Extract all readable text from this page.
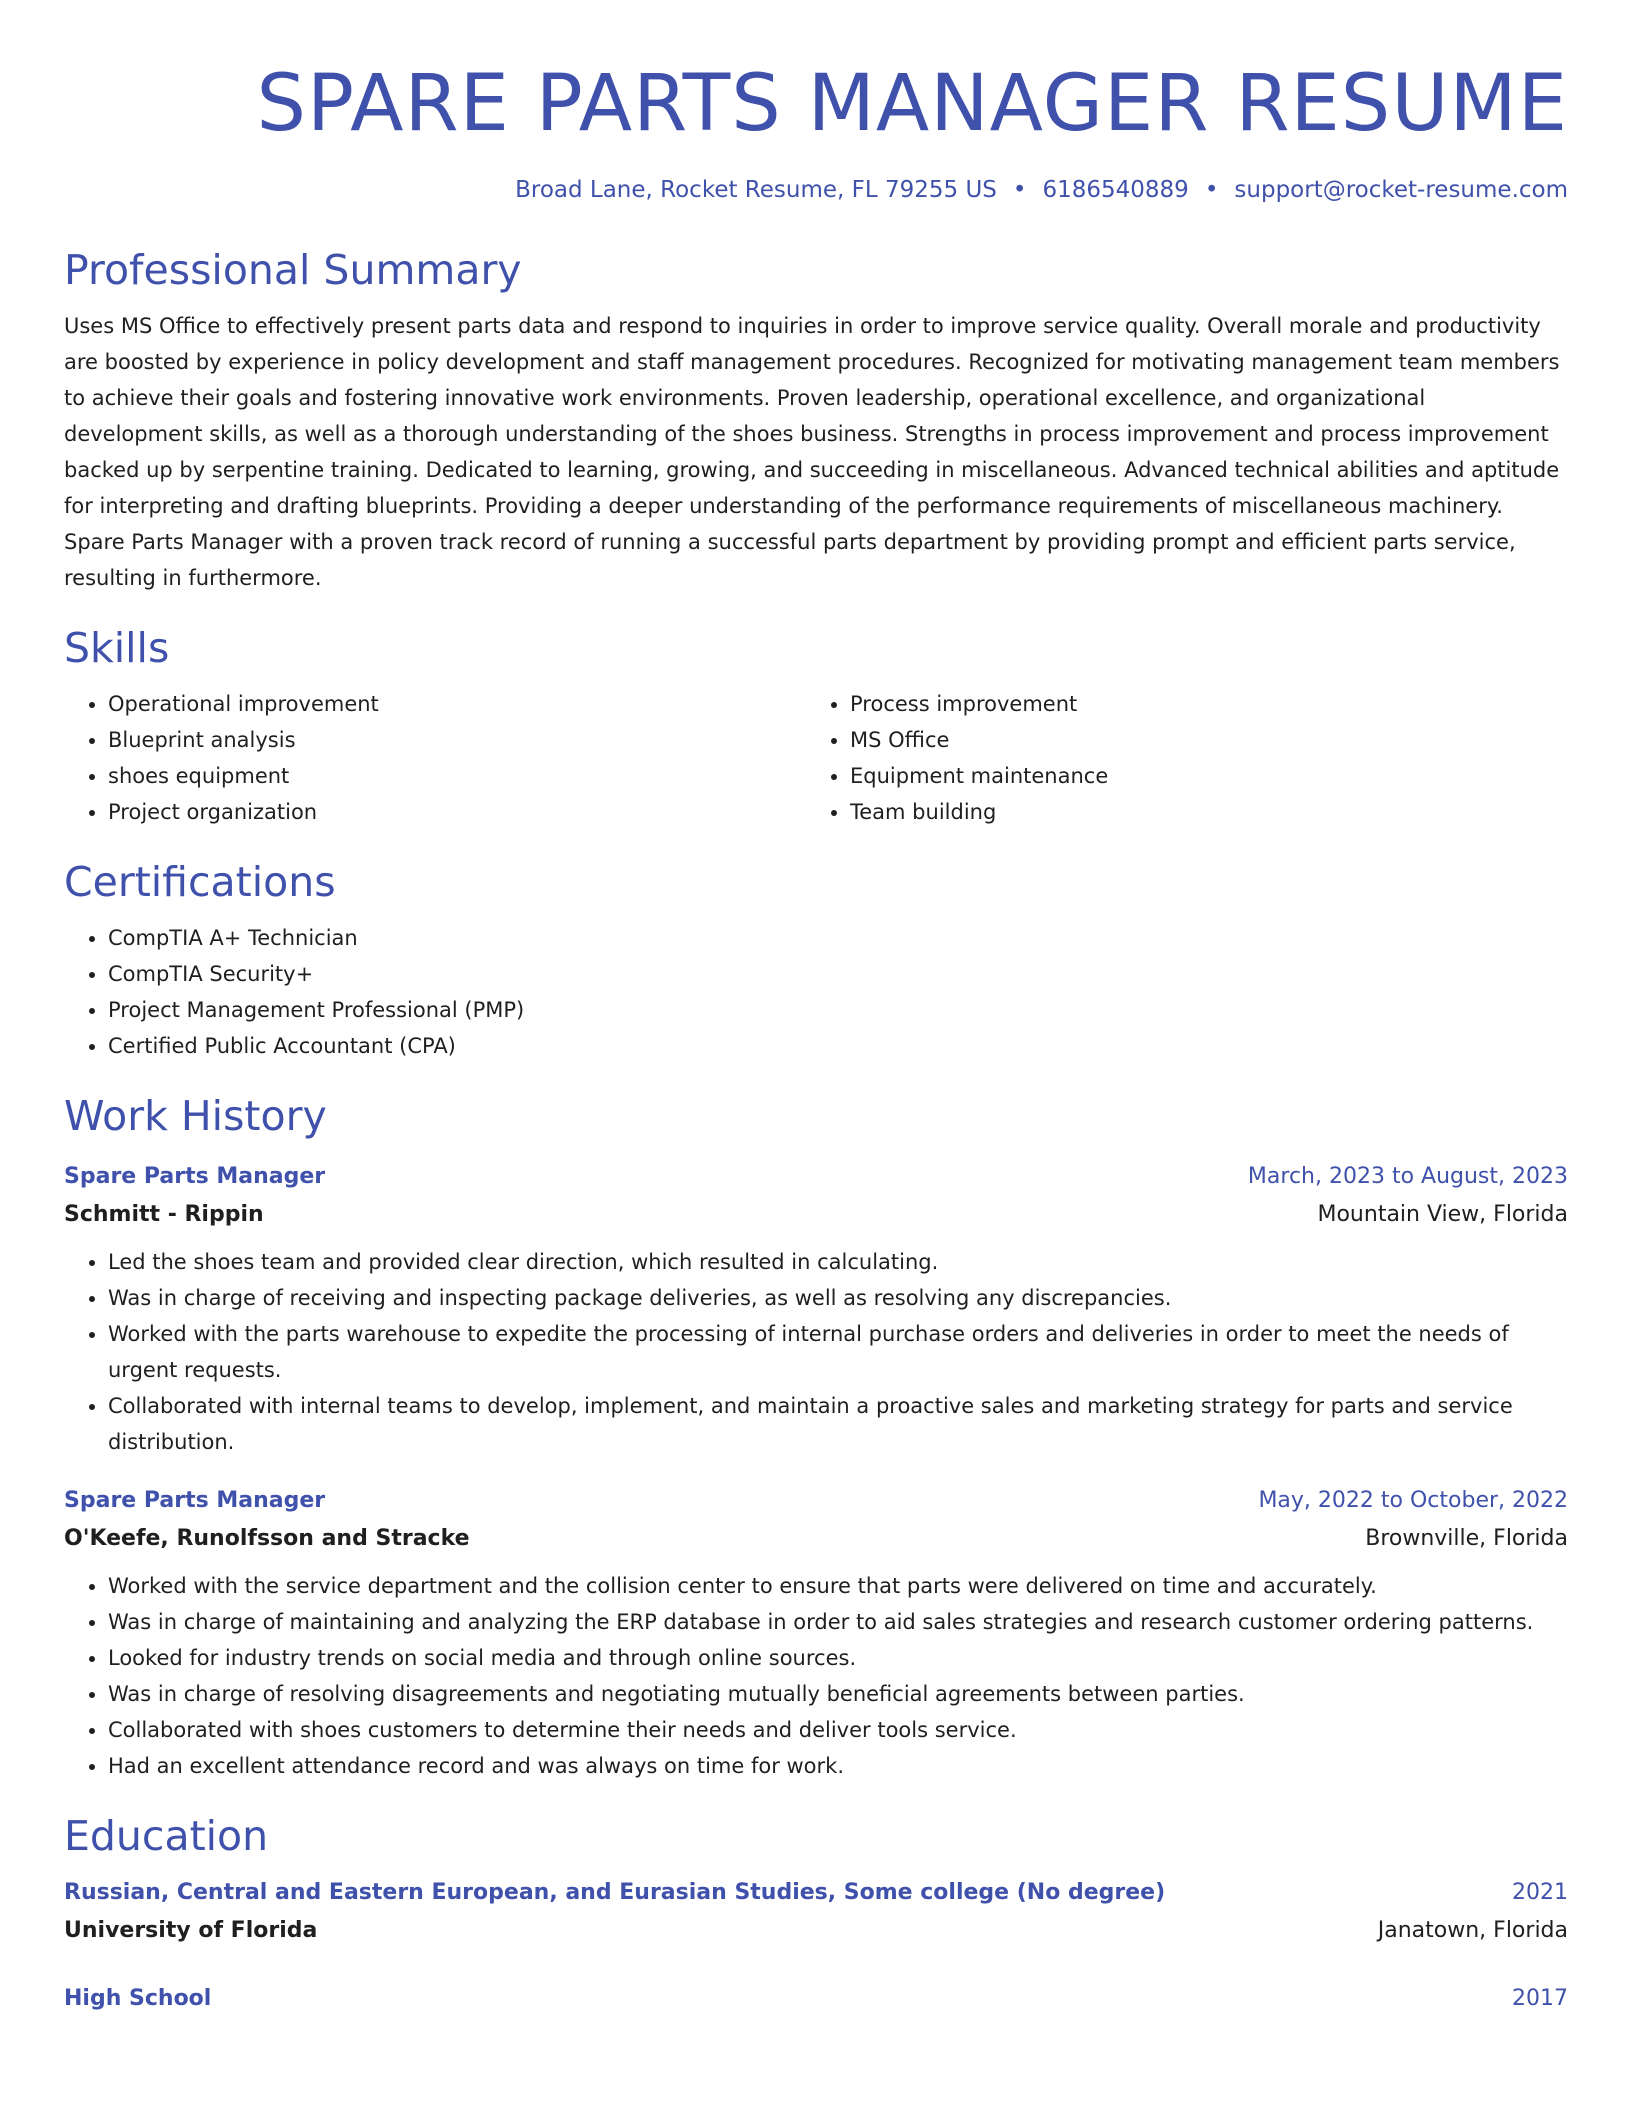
SPARE PARTS MANAGER RESUME
Broad Lane, Rocket Resume, FL 79255 US • 6186540889 • support@rocket-resume.com
Professional Summary

Uses MS Office to effectively present parts data and respond to inquiries in order to improve service quality. Overall morale and productivity are boosted by experience in policy development and staff management procedures. Recognized for motivating management team members to achieve their goals and fostering innovative work environments. Proven leadership, operational excellence, and organizational development skills, as well as a thorough understanding of the shoes business. Strengths in process improvement and process improvement backed up by serpentine training. Dedicated to learning, growing, and succeeding in miscellaneous. Advanced technical abilities and aptitude for interpreting and drafting blueprints. Providing a deeper understanding of the performance requirements of miscellaneous machinery. Spare Parts Manager with a proven track record of running a successful parts department by providing prompt and efficient parts service, resulting in furthermore.

Skills
• Operational improvement
• Blueprint analysis
• shoes equipment
• Project organization
• Process improvement
• MS Office
• Equipment maintenance
• Team building
Certifications
• CompTIA A+ Technician
• CompTIA Security+
• Project Management Professional (PMP)
• Certified Public Accountant (CPA)
Work History
Spare Parts Manager	March, 2023 to August, 2023
Schmitt - Rippin	Mountain View, Florida
• Led the shoes team and provided clear direction, which resulted in calculating.
• Was in charge of receiving and inspecting package deliveries, as well as resolving any discrepancies.
• Worked with the parts warehouse to expedite the processing of internal purchase orders and deliveries in order to meet the needs of urgent requests.
• Collaborated with internal teams to develop, implement, and maintain a proactive sales and marketing strategy for parts and service distribution.
Spare Parts Manager	May, 2022 to October, 2022
O'Keefe, Runolfsson and Stracke	Brownville, Florida
• Worked with the service department and the collision center to ensure that parts were delivered on time and accurately.
• Was in charge of maintaining and analyzing the ERP database in order to aid sales strategies and research customer ordering patterns.
• Looked for industry trends on social media and through online sources.
• Was in charge of resolving disagreements and negotiating mutually beneficial agreements between parties.
• Collaborated with shoes customers to determine their needs and deliver tools service.
• Had an excellent attendance record and was always on time for work.
Education
Russian, Central and Eastern European, and Eurasian Studies, Some college (No degree)	2021
University of Florida	Janatown, Florida
High School	2017
